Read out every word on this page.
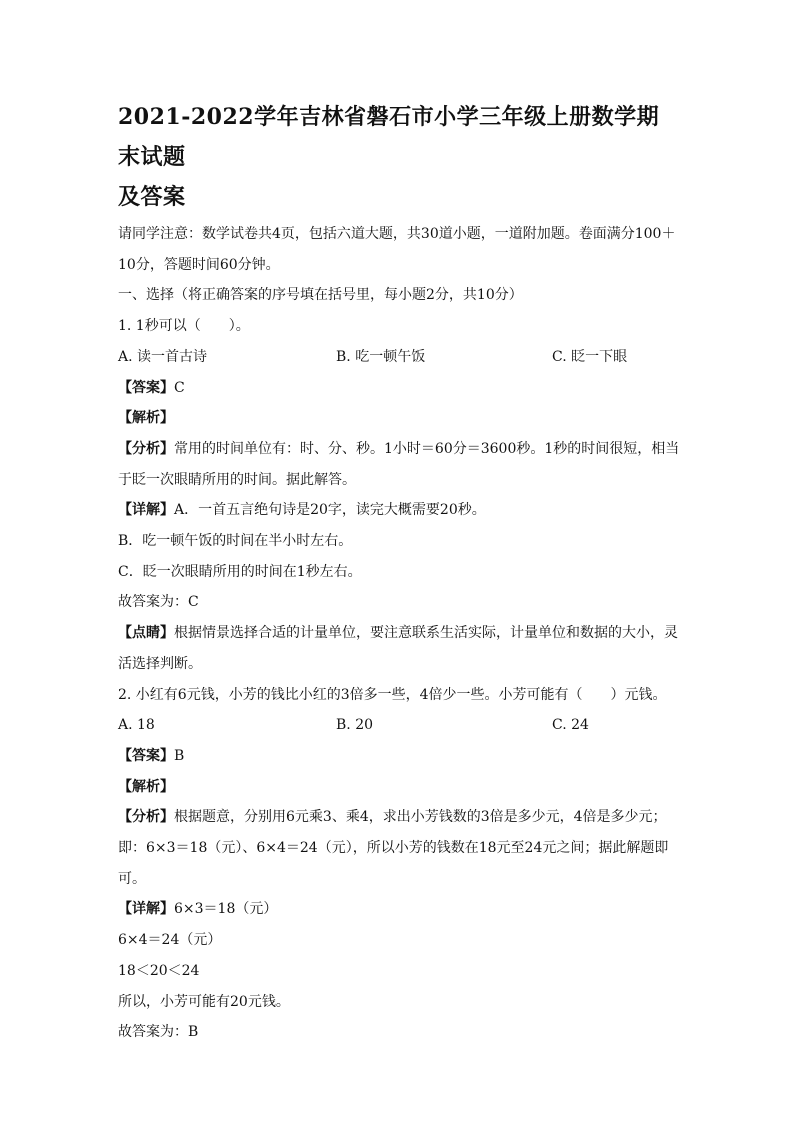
2021-2022学年吉林省磐石市小学三年级上册数学期末试题
及答案
请同学注意：数学试卷共4页，包括六道大题，共30道小题，一道附加题。卷面满分100＋
10分，答题时间60分钟。
一、选择（将正确答案的序号填在括号里，每小题2分，共10分）
1. 1秒可以（　　）。
A. 读一首古诗	B. 吃一顿午饭	C. 眨一下眼
【答案】C
【解析】
【分析】常用的时间单位有：时、分、秒。1小时＝60分＝3600秒。1秒的时间很短，相当
于眨一次眼睛所用的时间。据此解答。
【详解】A．一首五言绝句诗是20字，读完大概需要20秒。
B．吃一顿午饭的时间在半小时左右。
C．眨一次眼睛所用的时间在1秒左右。
故答案为：C
【点睛】根据情景选择合适的计量单位，要注意联系生活实际，计量单位和数据的大小，灵
活选择判断。
2. 小红有6元钱，小芳的钱比小红的3倍多一些，4倍少一些。小芳可能有（　　）元钱。
A. 18	B. 20	C. 24
【答案】B
【解析】
【分析】根据题意，分别用6元乘3、乘4，求出小芳钱数的3倍是多少元，4倍是多少元；
即：6×3＝18（元）、6×4＝24（元），所以小芳的钱数在18元至24元之间；据此解题即
可。
【详解】6×3＝18（元）
6×4＝24（元）
18＜20＜24
所以，小芳可能有20元钱。
故答案为：B
